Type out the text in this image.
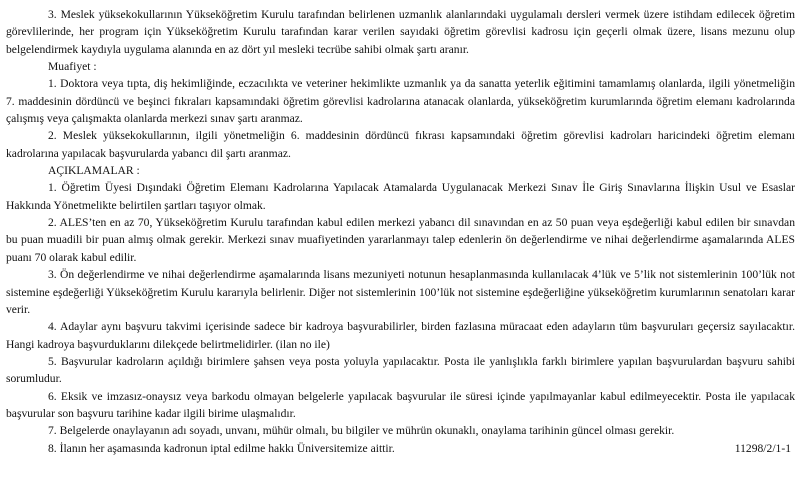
3. Meslek yüksekokullarının Yükseköğretim Kurulu tarafından belirlenen uzmanlık alanlarındaki uygulamalı dersleri vermek üzere istihdam edilecek öğretim görevlilerinde, her program için Yükseköğretim Kurulu tarafından karar verilen sayıdaki öğretim görevlisi kadrosu için geçerli olmak üzere, lisans mezunu olup belgelendirmek kaydıyla uygulama alanında en az dört yıl mesleki tecrübe sahibi olmak şartı aranır.

Muafiyet :

1. Doktora veya tıpta, diş hekimliğinde, eczacılıkta ve veteriner hekimlikte uzmanlık ya da sanatta yeterlik eğitimini tamamlamış olanlarda, ilgili yönetmeliğin 7. maddesinin dördüncü ve beşinci fıkraları kapsamındaki öğretim görevlisi kadrolarına atanacak olanlarda, yükseköğretim kurumlarında öğretim elemanı kadrolarında çalışmış veya çalışmakta olanlarda merkezi sınav şartı aranmaz.

2. Meslek yüksekokullarının, ilgili yönetmeliğin 6. maddesinin dördüncü fıkrası kapsamındaki öğretim görevlisi kadroları haricindeki öğretim elemanı kadrolarına yapılacak başvurularda yabancı dil şartı aranmaz.

AÇIKLAMALAR :

1. Öğretim Üyesi Dışındaki Öğretim Elemanı Kadrolarına Yapılacak Atamalarda Uygulanacak Merkezi Sınav İle Giriş Sınavlarına İlişkin Usul ve Esaslar Hakkında Yönetmelikte belirtilen şartları taşıyor olmak.

2. ALES’ten en az 70, Yükseköğretim Kurulu tarafından kabul edilen merkezi yabancı dil sınavından en az 50 puan veya eşdeğerliği kabul edilen bir sınavdan bu puan muadili bir puan almış olmak gerekir. Merkezi sınav muafiyetinden yararlanmayı talep edenlerin ön değerlendirme ve nihai değerlendirme aşamalarında ALES puanı 70 olarak kabul edilir.

3. Ön değerlendirme ve nihai değerlendirme aşamalarında lisans mezuniyeti notunun hesaplanmasında kullanılacak 4’lük ve 5’lik not sistemlerinin 100’lük not sistemine eşdeğerliği Yükseköğretim Kurulu kararıyla belirlenir. Diğer not sistemlerinin 100’lük not sistemine eşdeğerliğine yükseköğretim kurumlarının senatoları karar verir.

4. Adaylar aynı başvuru takvimi içerisinde sadece bir kadroya başvurabilirler, birden fazlasına müracaat eden adayların tüm başvuruları geçersiz sayılacaktır. Hangi kadroya başvurduklarını dilekçede belirtmelidirler. (ilan no ile)

5. Başvurular kadroların açıldığı birimlere şahsen veya posta yoluyla yapılacaktır. Posta ile yanlışlıkla farklı birimlere yapılan başvurulardan başvuru sahibi sorumludur.

6. Eksik ve imzasız-onaysız veya barkodu olmayan belgelerle yapılacak başvurular ile süresi içinde yapılmayanlar kabul edilmeyecektir. Posta ile yapılacak başvurular son başvuru tarihine kadar ilgili birime ulaşmalıdır.

7. Belgelerde onaylayanın adı soyadı, unvanı, mühür olmalı, bu bilgiler ve mührün okunaklı, onaylama tarihinin güncel olması gerekir.

8. İlanın her aşamasında kadronun iptal edilme hakkı Üniversitemize aittir.	11298/2/1-1
